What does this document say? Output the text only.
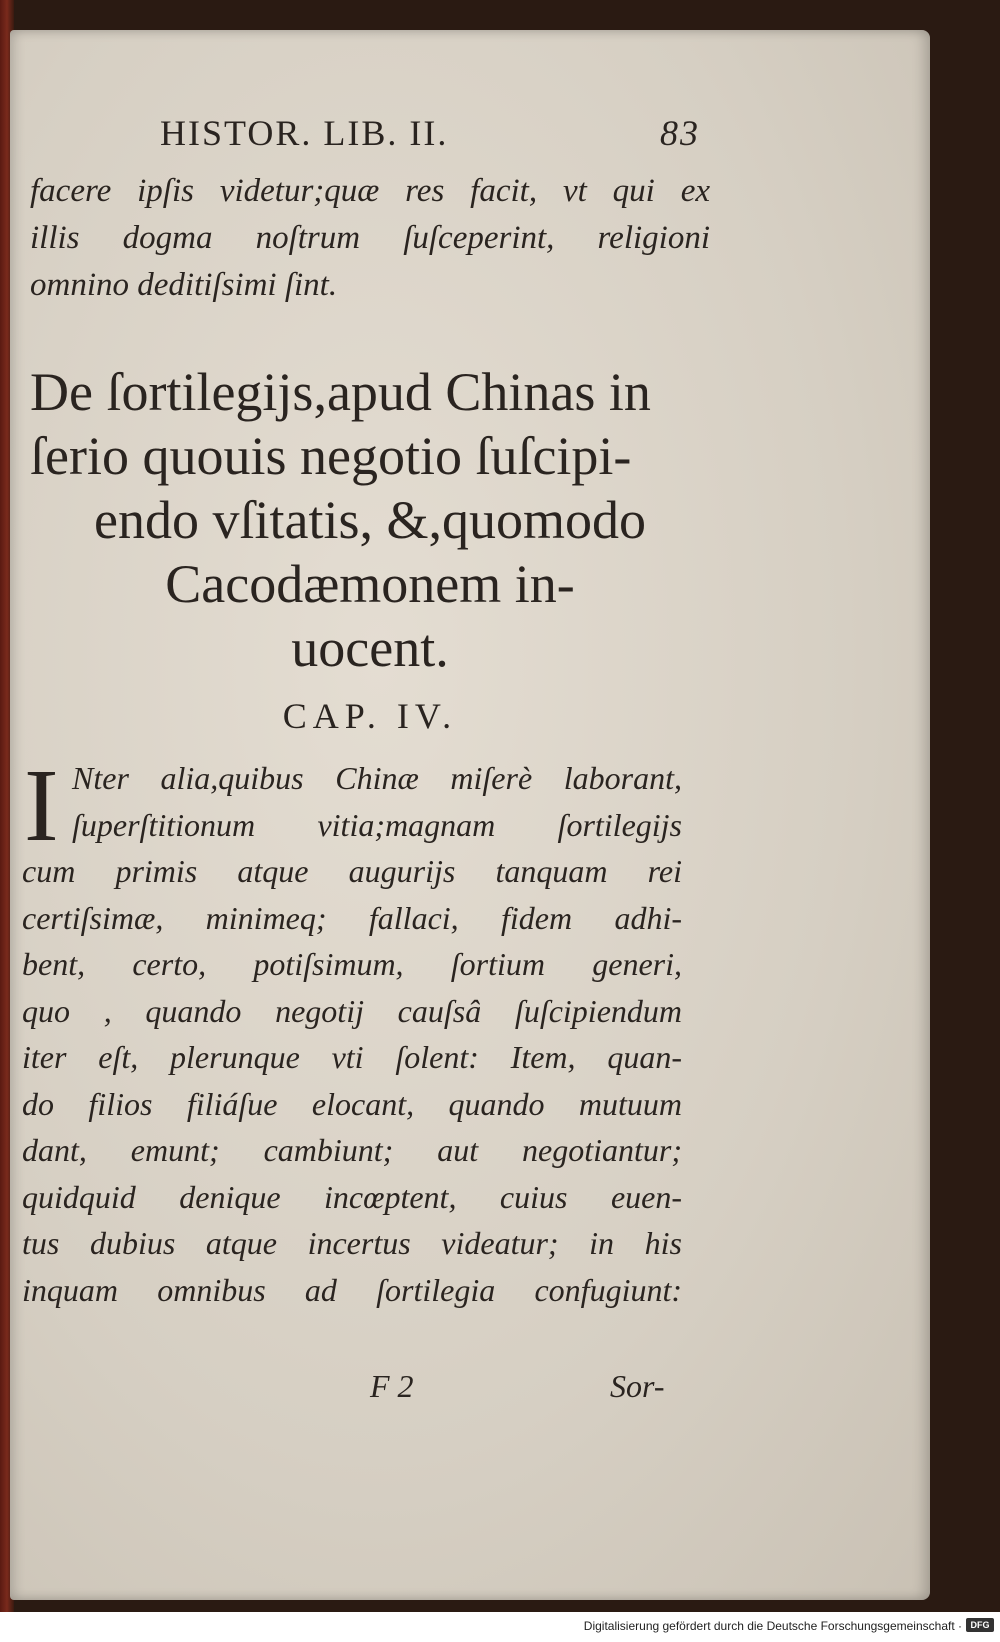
HISTOR. LIB. II.	83
facere ipſis videtur;quæ res facit, vt qui ex
illis dogma noſtrum ſuſceperint, religioni
omnino deditiſsimi ſint.
De ſortilegijs,apud Chinas in
ſerio quouis negotio ſuſcipi-
endo vſitatis, &,quomodo
Cacodæmonem in-
uocent.
CAP. IV.
I Nter alia,quibus Chinæ miſerè laborant,
ſuperſtitionum vitia;magnam ſortilegijs
cum primis atque augurijs tanquam rei
certiſsimæ, minimeq; fallaci, fidem adhi-
bent, certo, potiſsimum, ſortium generi,
quo , quando negotij cauſsâ ſuſcipiendum
iter eſt, plerunque vti ſolent: Item, quan-
do filios filiáſue elocant, quando mutuum
dant, emunt; cambiunt; aut negotiantur;
quidquid denique incœptent, cuius euen-
tus dubius atque incertus videatur; in his
inquam omnibus ad ſortilegia confugiunt:
F 2	Sor-
Digitalisierung gefördert durch die Deutsche Forschungsgemeinschaft · DFG
